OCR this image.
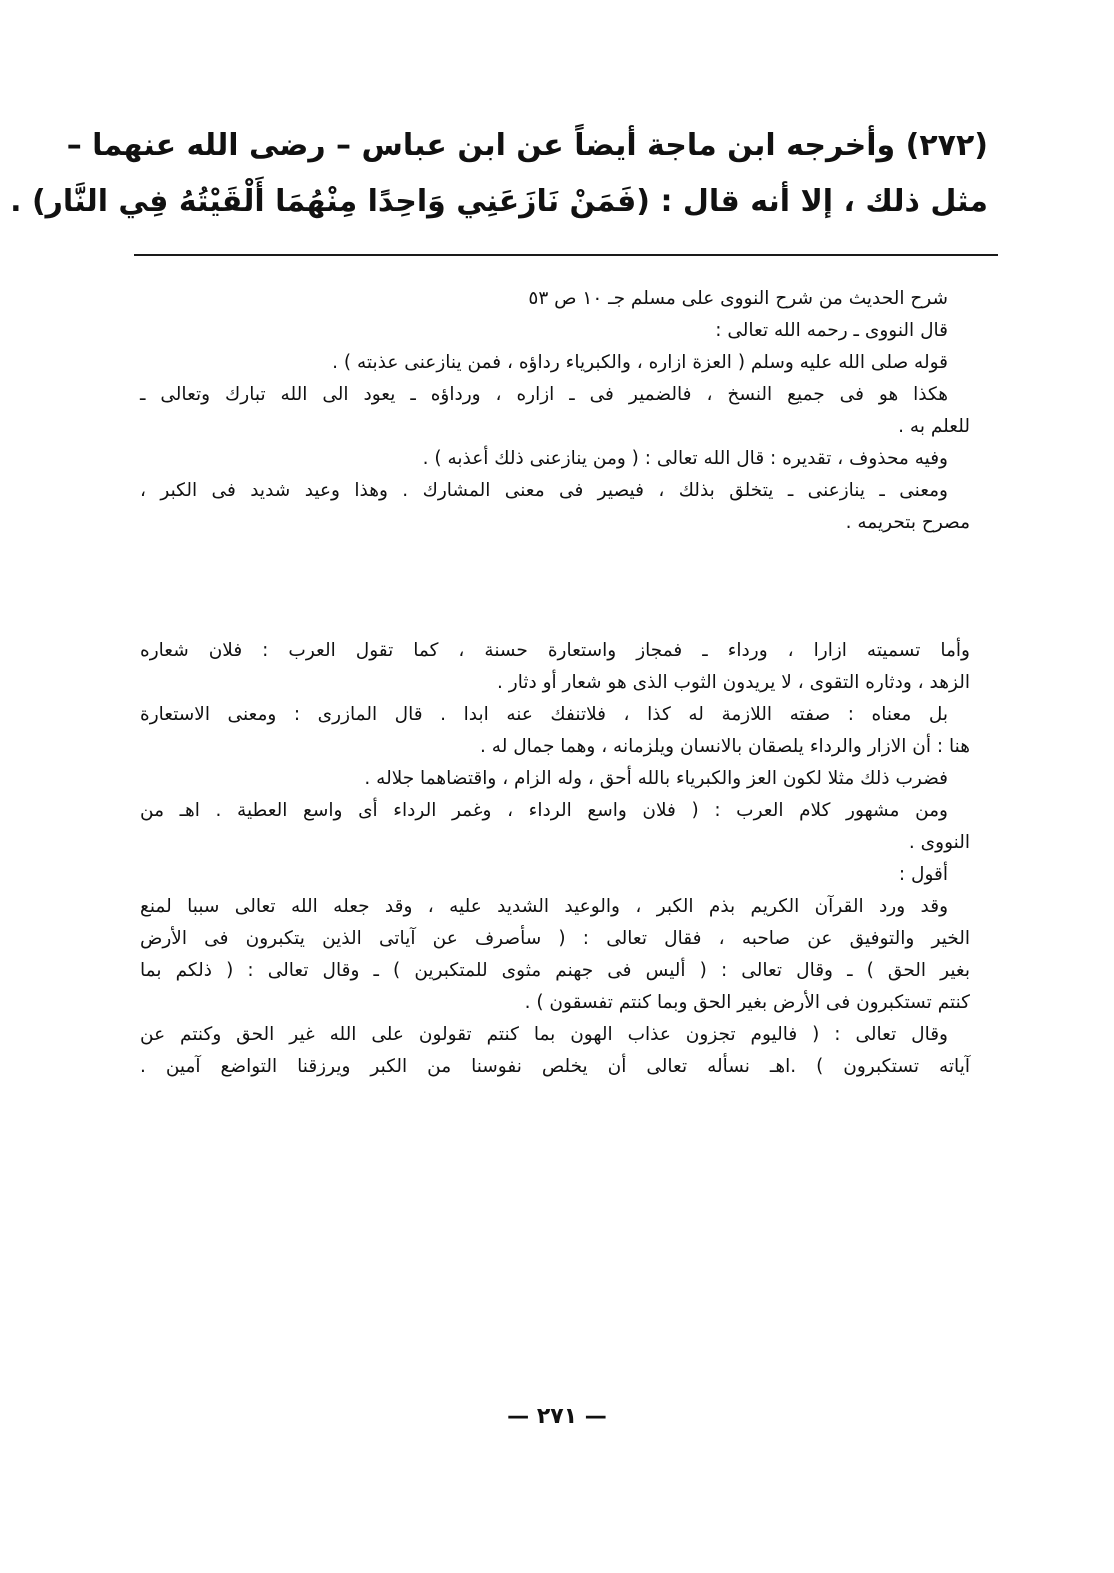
(٢٧٢) وأخرجه ابن ماجة أيضاً عن ابن عباس – رضى الله عنهما –
مثل ذلك ، إلا أنه قال : (فَمَنْ نَازَعَنِي وَاحِدًا مِنْهُمَا أَلْقَيْتُهُ فِي النَّار) .
شرح الحديث من شرح النووى على مسلم جـ ١٠ ص ٥٣
قال النووى ـ رحمه الله تعالى :
قوله صلى الله عليه وسلم ( العزة ازاره ، والكبرياء رداؤه ، فمن ينازعنى عذبته ) .
هكذا هو فى جميع النسخ ، فالضمير فى ـ ازاره ، ورداؤه ـ يعود الى الله تبارك وتعالى ـ
للعلم به .
وفيه محذوف ، تقديره : قال الله تعالى : ( ومن ينازعنى ذلك أعذبه ) .
ومعنى ـ ينازعنى ـ يتخلق بذلك ، فيصير فى معنى المشارك . وهذا وعيد شديد فى الكبر ،
مصرح بتحريمه .
وأما تسميته ازارا ، ورداء ـ فمجاز واستعارة حسنة ، كما تقول العرب : فلان شعاره
الزهد ، ودثاره التقوى ، لا يريدون الثوب الذى هو شعار أو دثار .
بل معناه : صفته اللازمة له كذا ، فلاتنفك عنه ابدا . قال المازرى : ومعنى الاستعارة
هنا : أن الازار والرداء يلصقان بالانسان ويلزمانه ، وهما جمال له .
فضرب ذلك مثلا لكون العز والكبرياء بالله أحق ، وله الزام ، واقتضاهما جلاله .
ومن مشهور كلام العرب : ( فلان واسع الرداء ، وغمر الرداء أى واسع العطية . اهـ من
النووى .
أقول :
وقد ورد القرآن الكريم بذم الكبر ، والوعيد الشديد عليه ، وقد جعله الله تعالى سببا لمنع
الخير والتوفيق عن صاحبه ، فقال تعالى : ( سأصرف عن آياتى الذين يتكبرون فى الأرض
بغير الحق ) ـ وقال تعالى : ( أليس فى جهنم مثوى للمتكبرين ) ـ وقال تعالى : ( ذلكم بما
كنتم تستكبرون فى الأرض بغير الحق وبما كنتم تفسقون ) .
وقال تعالى : ( فاليوم تجزون عذاب الهون بما كنتم تقولون على الله غير الحق وكنتم عن
آياته تستكبرون ) .اهـ نسأله تعالى أن يخلص نفوسنا من الكبر ويرزقنا التواضع آمين .
— ٢٧١ —
